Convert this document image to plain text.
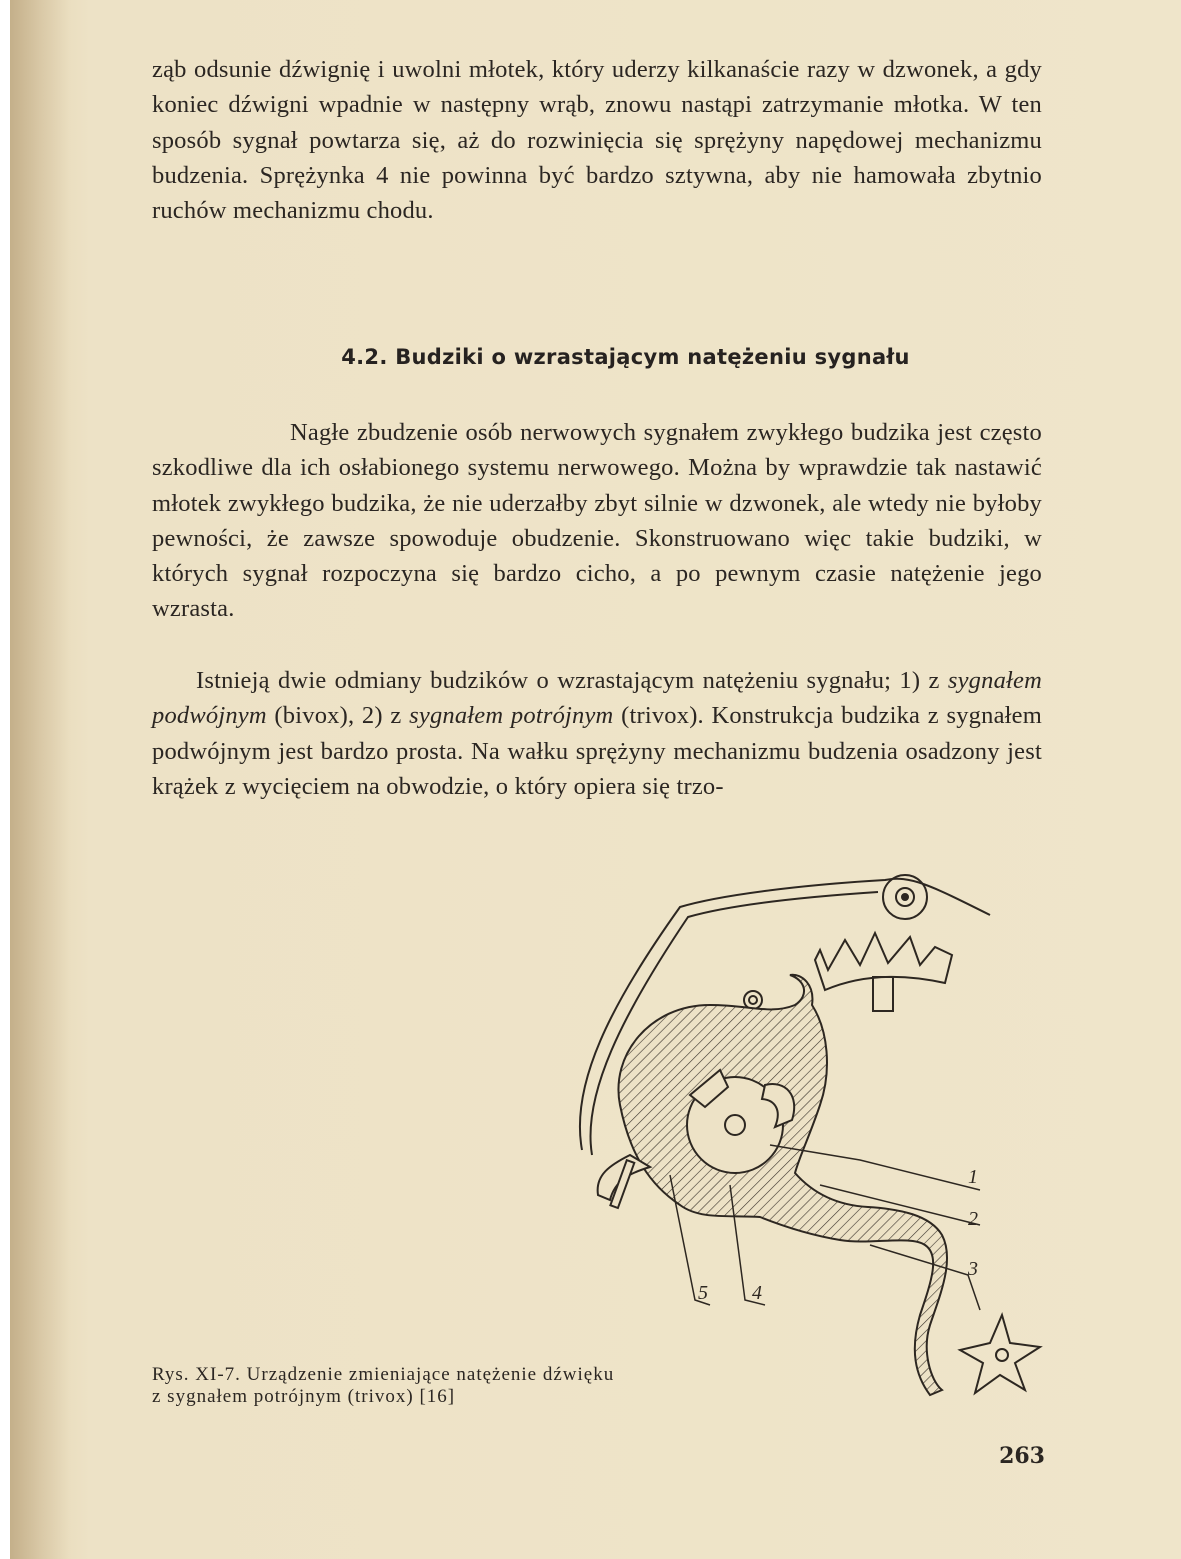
ząb odsunie dźwignię i uwolni młotek, który uderzy kilkanaście razy w dzwonek, a gdy koniec dźwigni wpadnie w następny wrąb, znowu nastąpi zatrzymanie młotka. W ten sposób sygnał powtarza się, aż do rozwinięcia się sprężyny napędowej mechanizmu budzenia. Sprężynka 4 nie powinna być bardzo sztywna, aby nie hamowała zbytnio ruchów mechanizmu chodu.

4.2. Budziki o wzrastającym natężeniu sygnału

Nagłe zbudzenie osób nerwowych sygnałem zwykłego budzika jest często szkodliwe dla ich osłabionego systemu nerwowego. Można by wprawdzie tak nastawić młotek zwykłego budzika, że nie uderzałby zbyt silnie w dzwonek, ale wtedy nie byłoby pewności, że zawsze spowoduje obudzenie. Skonstruowano więc takie budziki, w których sygnał rozpoczyna się bardzo cicho, a po pewnym czasie natężenie jego wzrasta.

Istnieją dwie odmiany budzików o wzrastającym natężeniu sygnału; 1) z sygnałem podwójnym (bivox), 2) z sygnałem potrójnym (trivox). Konstrukcja budzika z sygnałem podwójnym jest bardzo prosta. Na wałku sprężyny mechanizmu budzenia osadzony jest krążek z wycięciem na obwodzie, o który opiera się trzo-

1
2
3
4
5
Rys. XI-7. Urządzenie zmieniające natężenie dźwięku
z sygnałem potrójnym (trivox) [16]
263
